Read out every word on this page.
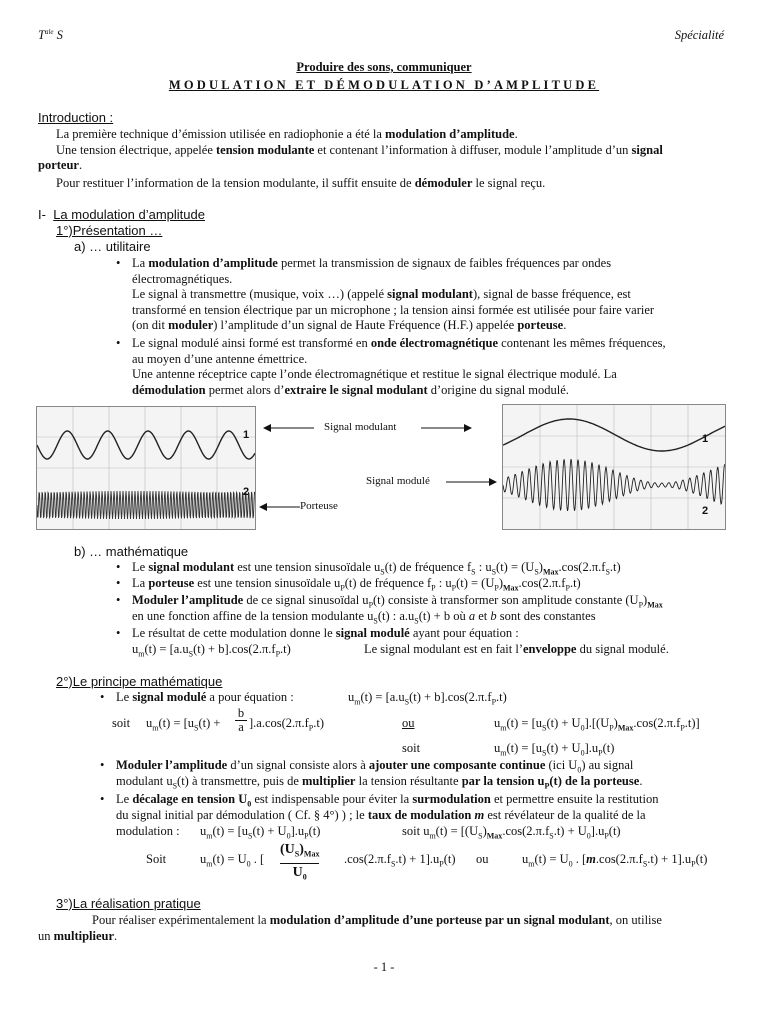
$T^{ale}$ S	Spécialité
Produire des sons, communiquer
MODULATION ET DÉMODULATION D’AMPLITUDE
Introduction :
La première technique d’émission utilisée en radiophonie a été la modulation d’amplitude.
Une tension électrique, appelée tension modulante et contenant l’information à diffuser, module l’amplitude d’un signal
porteur.
Pour restituer l’information de la tension modulante, il suffit ensuite de démoduler le signal reçu.
I- La modulation d’amplitude
1°)Présentation …
a) … utilitaire
• La modulation d’amplitude permet la transmission de signaux de faibles fréquences par ondes
électromagnétiques.
Le signal à transmettre (musique, voix …) (appelé signal modulant), signal de basse fréquence, est
transformé en tension électrique par un microphone ; la tension ainsi formée est utilisée pour faire varier
(on dit moduler) l’amplitude d’un signal de Haute Fréquence (H.F.) appelée porteuse.
• Le signal modulé ainsi formé est transformé en onde électromagnétique contenant les mêmes fréquences,
au moyen d’une antenne émettrice.
Une antenne réceptrice capte l’onde électromagnétique et restitue le signal électrique modulé. La
démodulation permet alors d’extraire le signal modulant d’origine du signal modulé.
1
2
1
2
Signal modulant
Signal modulé
Porteuse
b) … mathématique
• Le signal modulant est une tension sinusoïdale $u_S(t)$ de fréquence $f_S$ : $u_S(t) = (U_S)_{Max}.\cos(2.\pi.f_S.t)$
• La porteuse est une tension sinusoïdale $u_P(t)$ de fréquence $f_P$ : $u_P(t) = (U_P)_{Max}.\cos(2.\pi.f_P.t)$
• Moduler l’amplitude de ce signal sinusoïdal $u_P(t)$ consiste à transformer son amplitude constante $(U_P)_{Max}$
en une fonction affine de la tension modulante $u_S(t)$ : $a.u_S(t) + b$ où a et b sont des constantes
• Le résultat de cette modulation donne le signal modulé ayant pour équation :
$u_m(t) = [a.u_S(t) + b].\cos(2.\pi.f_P.t)$	Le signal modulant est en fait l’enveloppe du signal modulé.
2°)Le principe mathématique
• Le signal modulé a pour équation :	$u_m(t) = [a.u_S(t) + b].\cos(2.\pi.f_P.t)$
soit $u_m(t) = [u_S(t) + \frac{b}{a} ].a.\cos(2.\pi.f_P.t)$	ou	$u_m(t) = [u_S(t) + U_0].[(U_P)_{Max}.\cos(2.\pi.f_P.t)]$
soit	$u_m(t) = [u_S(t) + U_0].u_P(t)$
• Moduler l’amplitude d’un signal consiste alors à ajouter une composante continue (ici $U_0$) au signal
modulant $u_S(t)$ à transmettre, puis de multiplier la tension résultante par la tension $u_P(t)$ de la porteuse.
• Le décalage en tension $U_0$ est indispensable pour éviter la surmodulation et permettre ensuite la restitution
du signal initial par démodulation ( Cf. § 4°) ) ; le taux de modulation m est révélateur de la qualité de la
modulation : $u_m(t) = [u_S(t) + U_0].u_P(t)$	soit $u_m(t) = [(U_S)_{Max}.\cos(2.\pi.f_S.t) + U_0].u_P(t)$
Soit	$u_m(t) = U_0$ . [
$(U_S)_{Max}$
$U_0$
$.\cos(2.\pi.f_S.t) + 1].u_P(t)$ ou	$u_m(t) = U_0$ . $[m.\cos(2.\pi.f_S.t) + 1].u_P(t)$
3°)La réalisation pratique
Pour réaliser expérimentalement la modulation d’amplitude d’une porteuse par un signal modulant, on utilise
un multiplieur.
- 1 -
